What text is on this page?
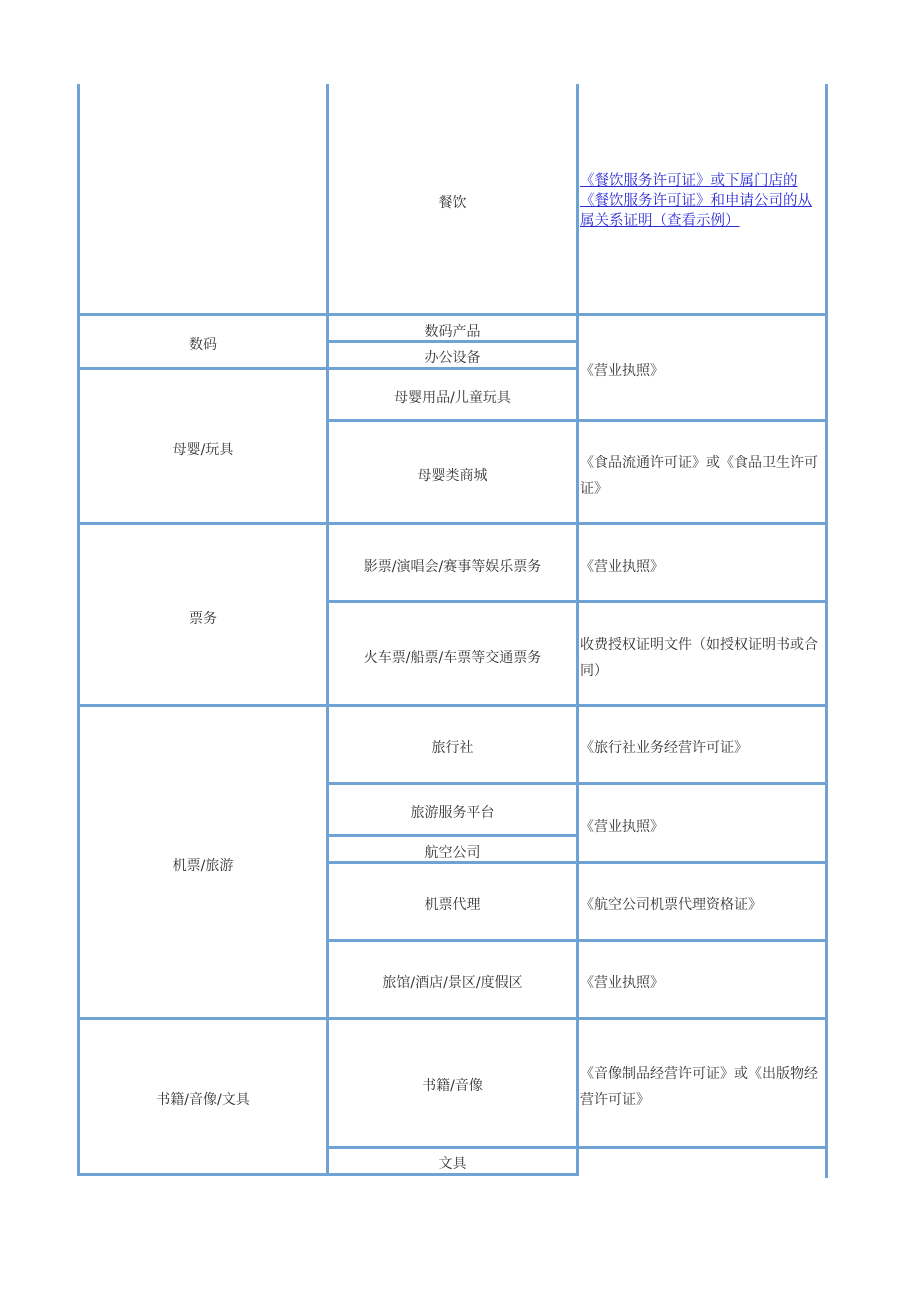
数码
母婴/玩具
票务
机票/旅游
书籍/音像/文具
餐饮
数码产品
办公设备
母婴用品/儿童玩具
母婴类商城
影票/演唱会/赛事等娱乐票务
火车票/船票/车票等交通票务
旅行社
旅游服务平台
航空公司
机票代理
旅馆/酒店/景区/度假区
书籍/音像
文具
《餐饮服务许可证》或下属门店的《餐饮服务许可证》和申请公司的从属关系证明（查看示例）
《营业执照》
《食品流通许可证》或《食品卫生许可证》
《营业执照》
收费授权证明文件（如授权证明书或合同）
《旅行社业务经营许可证》
《营业执照》
《航空公司机票代理资格证》
《营业执照》
《音像制品经营许可证》或《出版物经营许可证》
